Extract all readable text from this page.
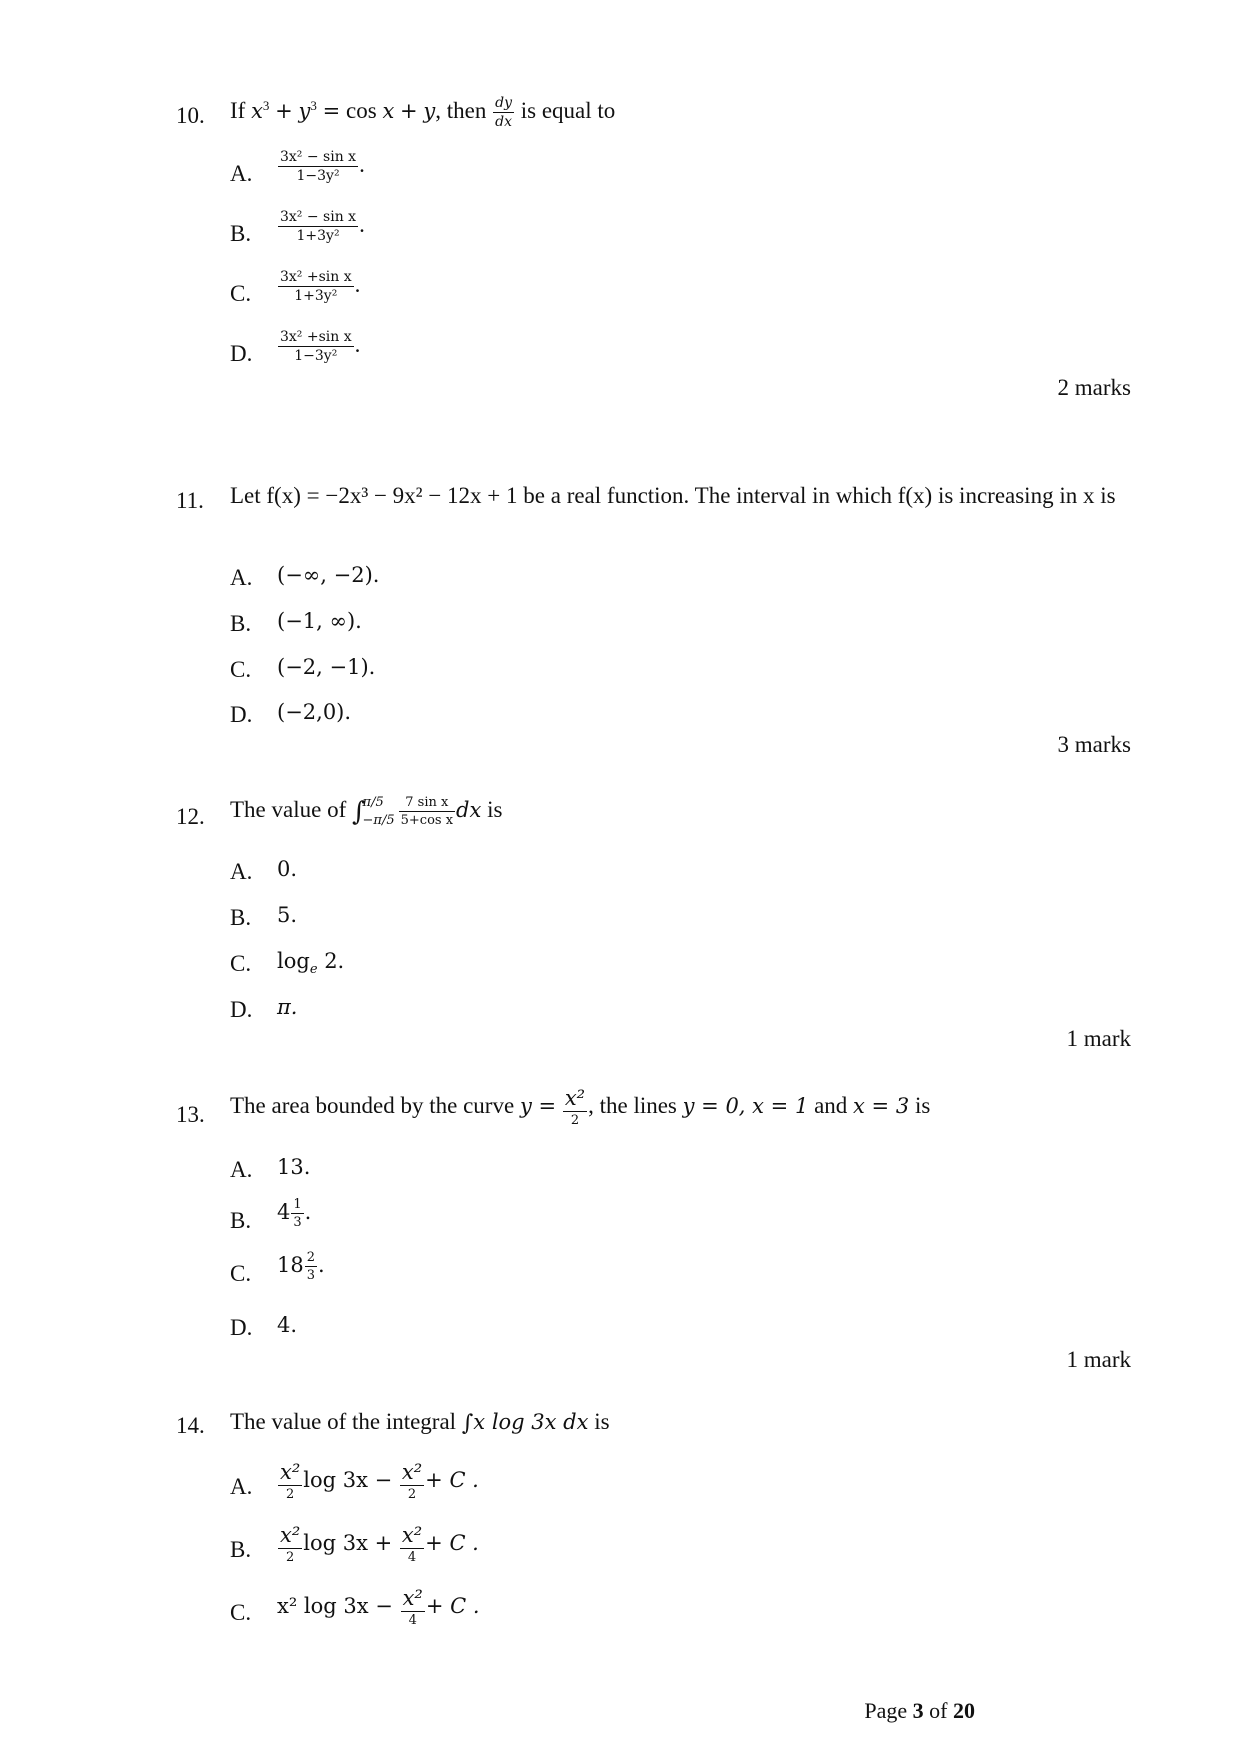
10. If $x^3 + y^3 = \cos x + y$, then $\frac{dy}{dx}$ is equal to
A. $\frac{\text{3x² − sin x}}{\text{1−3y²}}$ .
B. $\frac{\text{3x² − sin x}}{\text{1+3y²}}$ .
C. $\frac{\text{3x² +sin x}}{\text{1+3y²}}$ .
D. $\frac{\text{3x² +sin x}}{\text{1−3y²}}$ .
2 marks
11. Let f(x) = −2x³ − 9x² − 12x + 1 be a real function. The interval in which f(x) is increasing in x is
A. (−∞, −2).
B. (−1, ∞).
C. (−2, −1).
D. (−2,0).
3 marks
12. The value of ∫
π/5
$-\pi/5 \frac{\text{7 sin x}}{\text{5+cos x}}$ dx is
A. 0.
B. 5.
C. $\log_e 2$.
D. π.
1 mark
13. The area bounded by the curve y = x²
2
, the lines y = 0, x = 1 and x = 3 is
A. 13.
B. $4 \frac{1}{3}$ .
C. $18 \frac{2}{3}$ .
D. 4.
1 mark
14. The value of the integral ∫x log 3x dx is
A.
x²
2
log 3x − x²
2
+ C .
B.
x²
2
log 3x + x²
4
+ C .
C. x² log 3x − x²
4
+ C .
Page 3 of 20
